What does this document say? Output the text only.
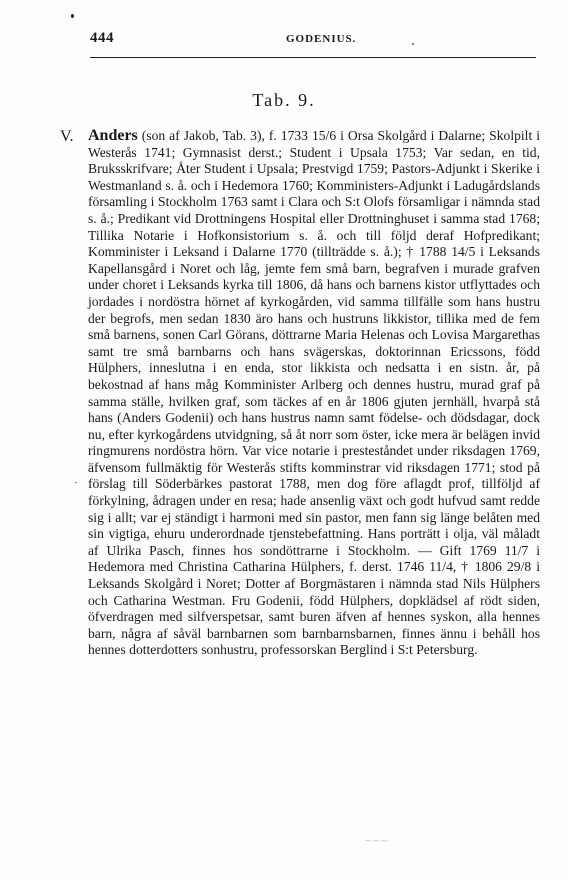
444	GODENIUS.
Tab. 9.
V.
ˏ

Anders (son af Jakob, Tab. 3), f. 1733 15/6 i Orsa Skolgård i Dalarne; Skolpilt i Westerås 1741; Gymnasist derst.; Student i Upsala 1753; Var sedan, en tid, Bruksskrifvare; Åter Student i Upsala; Prestvigd 1759; Pastors-Adjunkt i Skerike i Westmanland s. å. och i Hedemora 1760; Komministers-Adjunkt i Ladugårdslands församling i Stockholm 1763 samt i Clara och S:t Olofs församligar i nämnda stad s. å.; Predikant vid Drottningens Hospital eller Drottninghuset i samma stad 1768; Tillika Notarie i Hofkonsistorium s. å. och till följd deraf Hofpredikant; Komminister i Leksand i Dalarne 1770 (tillträdde s. å.); † 1788 14/5 i Leksands Kapellansgård i Noret och låg, jemte fem små barn, begrafven i murade grafven under choret i Leksands kyrka till 1806, då hans och barnens kistor utflyttades och jordades i nordöstra hörnet af kyrkogården, vid samma tillfälle som hans hustru der begrofs, men sedan 1830 äro hans och hustruns likkistor, tillika med de fem små barnens, sonen Carl Görans, döttrarne Maria Helenas och Lovisa Margarethas samt tre små barnbarns och hans svägerskas, doktorinnan Ericssons, född Hülphers, inneslutna i en enda, stor likkista och nedsatta i en sistn. år, på bekostnad af hans måg Komminister Arlberg och dennes hustru, murad graf på samma ställe, hvilken graf, som täckes af en år 1806 gjuten jernhäll, hvarpå stå hans (Anders Godenii) och hans hustrus namn samt födelse- och dödsdagar, dock nu, efter kyrkogårdens utvidgning, så åt norr som öster, icke mera är belägen invid ringmurens nordöstra hörn. Var vice notarie i presteståndet under riksdagen 1769, äfvensom fullmäktig för Westerås stifts komminstrar vid riksdagen 1771; stod på förslag till Söderbärkes pastorat 1788, men dog före aflagdt prof, tillföljd af förkylning, ådragen under en resa; hade ansenlig växt och godt hufvud samt redde sig i allt; var ej ständigt i harmoni med sin pastor, men fann sig länge belåten med sin vigtiga, ehuru underordnade tjenstebefattning. Hans porträtt i olja, väl måladt af Ulrika Pasch, finnes hos sondöttrarne i Stockholm. — Gift 1769 11/7 i Hedemora med Christina Catharina Hülphers, f. derst. 1746 11/4, † 1806 29/8 i Leksands Skolgård i Noret; Dotter af Borgmästaren i nämnda stad Nils Hülphers och Catharina Westman. Fru Godenii, född Hülphers, dopklädsel af rödt siden, öfverdragen med silfverspetsar, samt buren äfven af hennes syskon, alla hennes barn, några af såväl barnbarnen som barnbarnsbarnen, finnes ännu i behåll hos hennes dotterdotters sonhustru, professorskan Berglind i S:t Petersburg.

~~~
